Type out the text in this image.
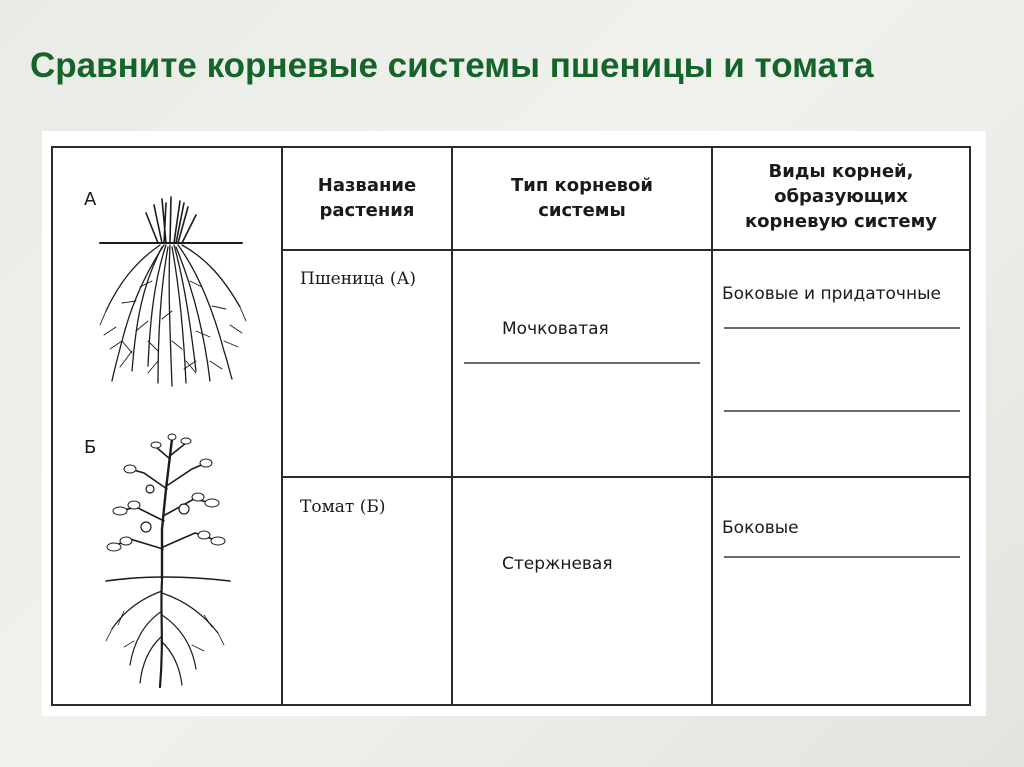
Сравните корневые системы пшеницы и томата
А
Б
Название растения
Тип корневой системы
Виды корней, образующих корневую систему
Пшеница (А)
Мочковатая
Боковые и придаточные
Томат (Б)
Стержневая
Боковые
